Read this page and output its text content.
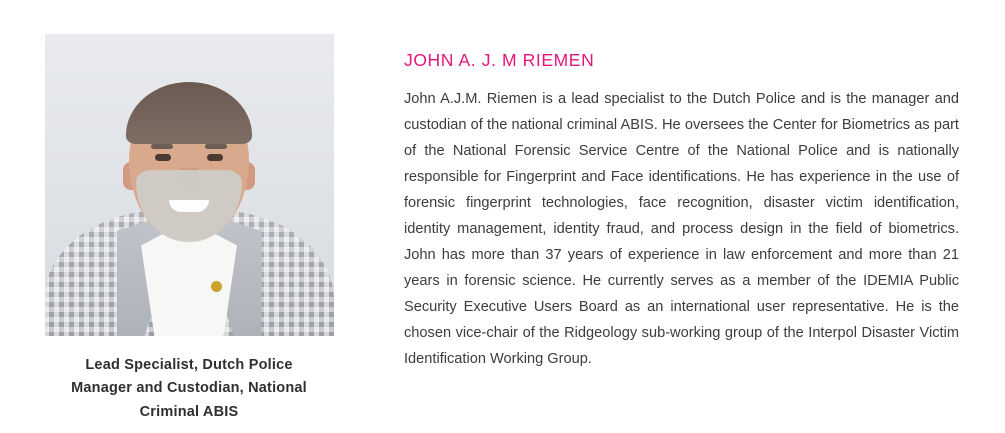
Lead Specialist, Dutch Police
Manager and Custodian, National
Criminal ABIS
JOHN A. J. M RIEMEN

John A.J.M. Riemen is a lead specialist to the Dutch Police and is the manager and custodian of the national criminal ABIS. He oversees the Center for Biometrics as part of the National Forensic Service Centre of the National Police and is nationally responsible for Fingerprint and Face identifications. He has experience in the use of forensic fingerprint technologies, face recognition, disaster victim identification, identity management, identity fraud, and process design in the field of biometrics. John has more than 37 years of experience in law enforcement and more than 21 years in forensic science. He currently serves as a member of the IDEMIA Public Security Executive Users Board as an international user representative. He is the chosen vice-chair of the Ridgeology sub-working group of the Interpol Disaster Victim Identification Working Group.
